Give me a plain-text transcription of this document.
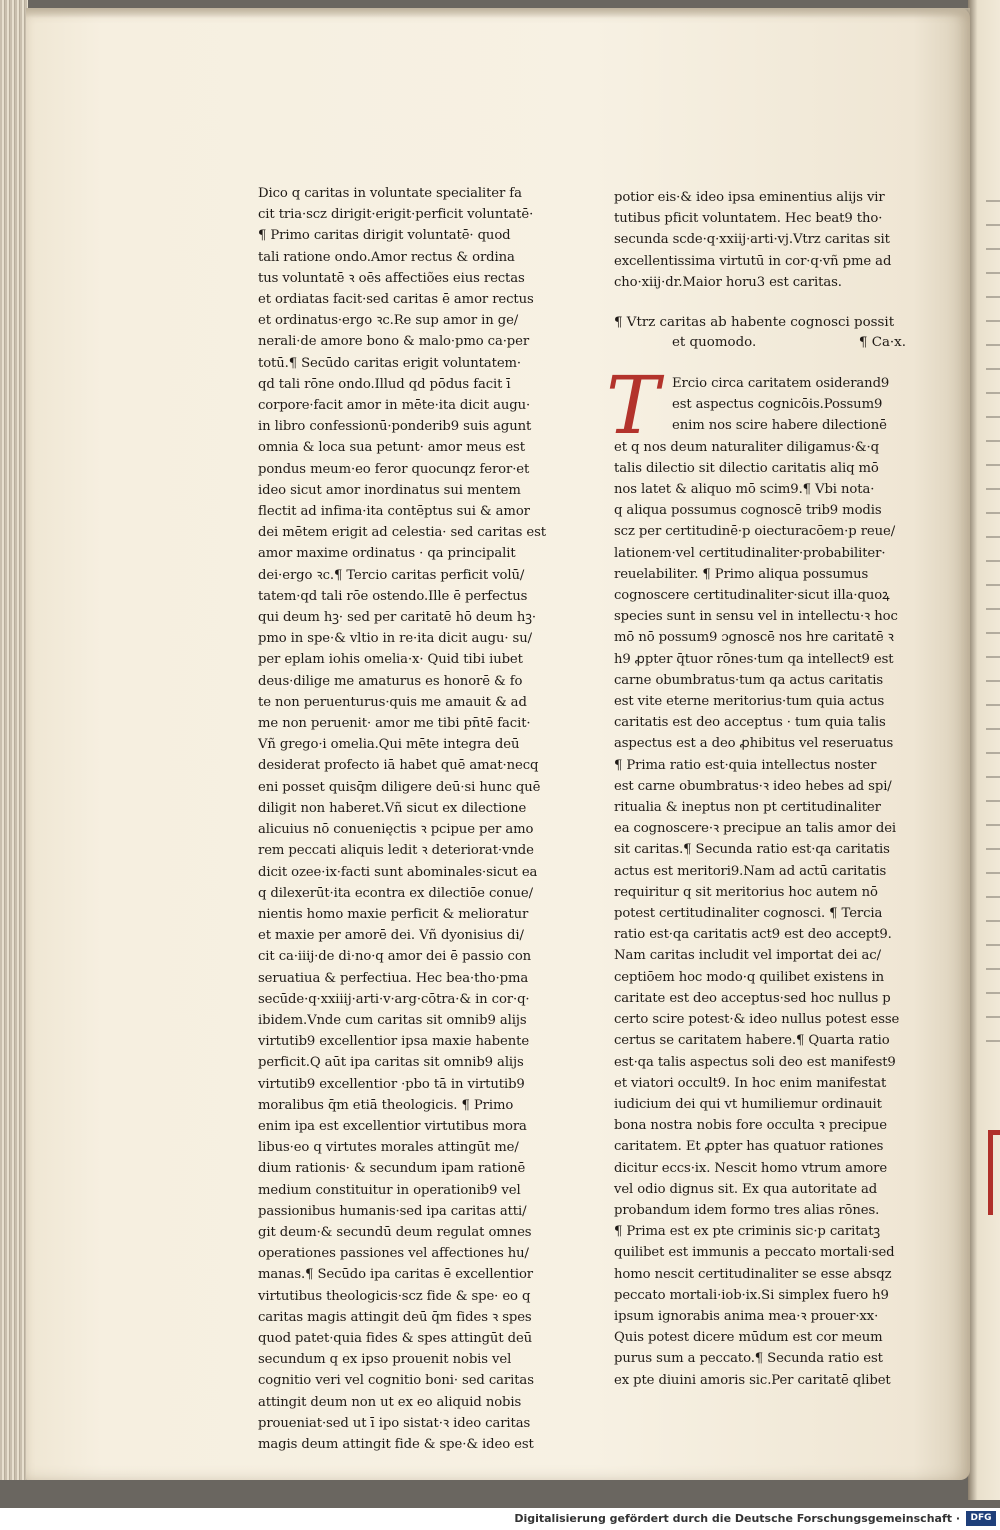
Dico q caritas in voluntate specialiter fa
cit tria·scz dirigit·erigit·perficit voluntatē·
¶ Primo caritas dirigit voluntatē· quod
tali ratione ondo.Amor rectus & ordina
tus voluntatē ꝛ oēs affectiões eius rectas
et ordiatas facit·sed caritas ē amor rectus
et ordinatus·ergo ꝛc.Re sup amor in ge/
nerali·de amore bono & malo·pmo ca·per
totū.¶ Secūdo caritas erigit voluntatem·
qd tali rōne ondo.Illud qd pōdus facit ī
corpore·facit amor in mēte·ita dicit augu·
in libro confessionū·ponderib9 suis agunt
omnia & loca sua petunt· amor meus est
pondus meum·eo feror quocunqz feror·et
ideo sicut amor inordinatus sui mentem
flectit ad infima·ita contēptus sui & amor
dei mētem erigit ad celestia· sed caritas est
amor maxime ordinatus · qa principalit
dei·ergo ꝛc.¶ Tercio caritas perficit volū/
tatem·qd tali rōe ostendo.Ille ē perfectus
qui deum hꝫ· sed per caritatē hō deum hꝫ·
pmo in spe·& vltio in re·ita dicit augu· su/
per eplam iohis omelia·x· Quid tibi iubet
deus·dilige me amaturus es honorē & fo
te non peruenturus·quis me amauit & ad
me non peruenit· amor me tibi pn̄tē facit·
Vñ grego·i omelia.Qui mēte integra deū
desiderat profecto iā habet quē amat·necq
eni posset quisq̄m diligere deū·si hunc quē
diligit non haberet.Vñ sicut ex dilectione
alicuius nō conuenięctis ꝛ pcipue per amo
rem peccati aliquis ledit ꝛ deteriorat·vnde
dicit ozee·ix·facti sunt abominales·sicut ea
q dilexerūt·ita econtra ex dilectiōe conue/
nientis homo maxie perficit & melioratur
et maxie per amorē dei. Vñ dyonisius di/
cit ca·iiij·de di·no·q amor dei ē passio con
seruatiua & perfectiua. Hec bea·tho·pma
secūde·q·xxiiij·arti·v·arg·cōtra·& in cor·q·
ibidem.Vnde cum caritas sit omnib9 alijs
virtutib9 excellentior ipsa maxie habente
perficit.Q aūt ipa caritas sit omnib9 alijs
virtutib9 excellentior ·pbo tā in virtutib9
moralibus q̄m etiā theologicis. ¶ Primo
enim ipa est excellentior virtutibus mora
libus·eo q virtutes morales attingūt me/
dium rationis· & secundum ipam rationē
medium constituitur in operationib9 vel
passionibus humanis·sed ipa caritas atti/
git deum·& secundū deum regulat omnes
operationes passiones vel affectiones hu/
manas.¶ Secūdo ipa caritas ē excellentior
virtutibus theologicis·scz fide & spe· eo q
caritas magis attingit deū q̄m fides ꝛ spes
quod patet·quia fides & spes attingūt deū
secundum q ex ipso prouenit nobis vel
cognitio veri vel cognitio boni· sed caritas
attingit deum non ut ex eo aliquid nobis
proueniat·sed ut ī ipo sistat·ꝛ ideo caritas
magis deum attingit fide & spe·& ideo est
potior eis·& ideo ipsa eminentius alijs vir
tutibus pficit voluntatem. Hec beat9 tho·
secunda scde·q·xxiij·arti·vj.Vtrz caritas sit
excellentissima virtutū in cor·q·vñ pme ad
cho·xiij·dr.Maior horu3 est caritas.
¶ Vtrz caritas ab habente cognosci possit
et quomodo.	¶ Ca·x.
T Ercio circa caritatem osiderand9
est aspectus cognicōis.Possum9
enim nos scire habere dilectionē
et q nos deum naturaliter diligamus·&·q
talis dilectio sit dilectio caritatis aliq mō
nos latet & aliquo mō scim9.¶ Vbi nota·
q aliqua possumus cognoscē trib9 modis
scz per certitudinē·p oiecturacōem·p reue/
lationem·vel certitudinaliter·probabiliter·
reuelabiliter. ¶ Primo aliqua possumus
cognoscere certitudinaliter·sicut illa·quoꝝ
species sunt in sensu vel in intellectu·ꝛ hoc
mō nō possum9 ɔgnoscē nos hre caritatē ꝛ
h9 ꝓpter q̄tuor rōnes·tum qa intellect9 est
carne obumbratus·tum qa actus caritatis
est vite eterne meritorius·tum quia actus
caritatis est deo acceptus · tum quia talis
aspectus est a deo ꝓhibitus vel reseruatus
¶ Prima ratio est·quia intellectus noster
est carne obumbratus·ꝛ ideo hebes ad spi/
ritualia & ineptus non pt certitudinaliter
ea cognoscere·ꝛ precipue an talis amor dei
sit caritas.¶ Secunda ratio est·qa caritatis
actus est meritori9.Nam ad actū caritatis
requiritur q sit meritorius hoc autem nō
potest certitudinaliter cognosci. ¶ Tercia
ratio est·qa caritatis act9 est deo accept9.
Nam caritas includit vel importat dei ac/
ceptiōem hoc modo·q quilibet existens in
caritate est deo acceptus·sed hoc nullus p
certo scire potest·& ideo nullus potest esse
certus se caritatem habere.¶ Quarta ratio
est·qa talis aspectus soli deo est manifest9
et viatori occult9. In hoc enim manifestat
iudicium dei qui vt humiliemur ordinauit
bona nostra nobis fore occulta ꝛ precipue
caritatem. Et ꝓpter has quatuor rationes
dicitur eccs·ix. Nescit homo vtrum amore
vel odio dignus sit. Ex qua autoritate ad
probandum idem formo tres alias rōnes.
¶ Prima est ex pte criminis sic·p caritatꝫ
quilibet est immunis a peccato mortali·sed
homo nescit certitudinaliter se esse absqz
peccato mortali·iob·ix.Si simplex fuero h9
ipsum ignorabis anima mea·ꝛ prouer·xx·
Quis potest dicere mūdum est cor meum
purus sum a peccato.¶ Secunda ratio est
ex pte diuini amoris sic.Per caritatē qlibet
Digitalisierung gefördert durch die Deutsche Forschungsgemeinschaft ·	DFG
